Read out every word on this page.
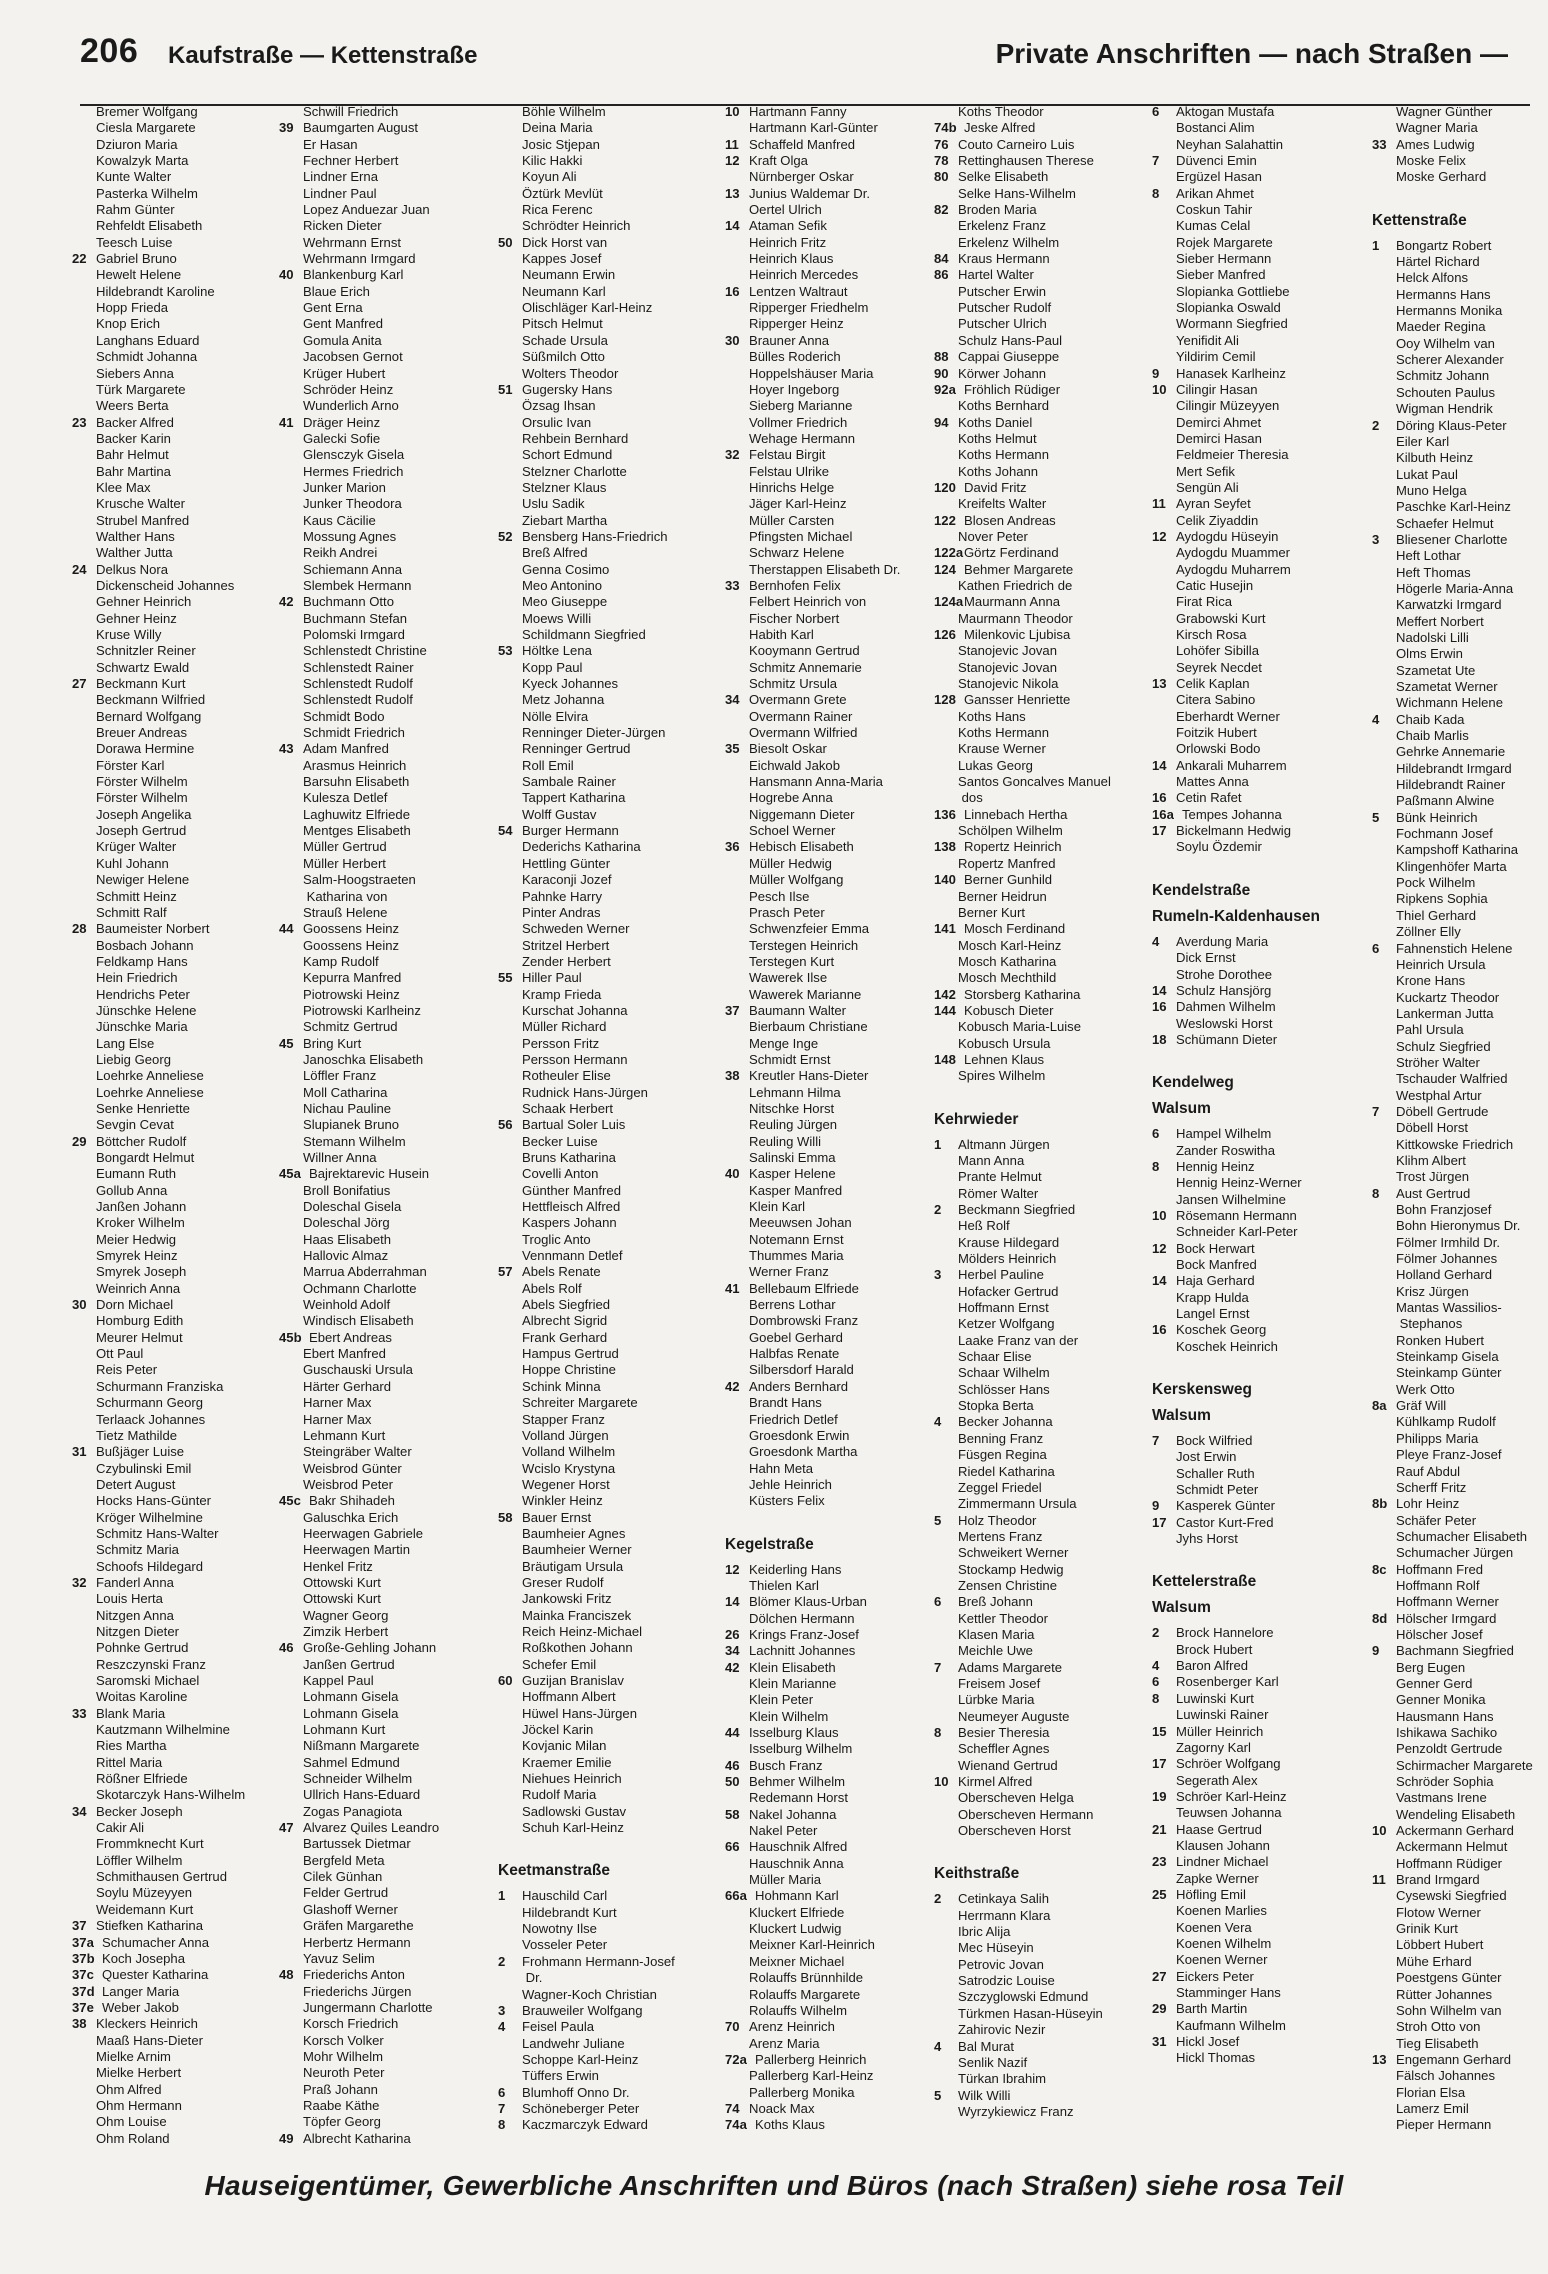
206 Kaufstraße — Kettenstraße	Private Anschriften — nach Straßen —
Bremer Wolfgang
Ciesla Margarete
Dziuron Maria
Kowalzyk Marta
Kunte Walter
Pasterka Wilhelm
Rahm Günter
Rehfeldt Elisabeth
Teesch Luise
22 Gabriel Bruno
Hewelt Helene
Hildebrandt Karoline
Hopp Frieda
Knop Erich
Langhans Eduard
Schmidt Johanna
Siebers Anna
Türk Margarete
Weers Berta
23 Backer Alfred
Backer Karin
Bahr Helmut
Bahr Martina
Klee Max
Krusche Walter
Strubel Manfred
Walther Hans
Walther Jutta
24 Delkus Nora
Dickenscheid Johannes
Gehner Heinrich
Gehner Heinz
Kruse Willy
Schnitzler Reiner
Schwartz Ewald
27 Beckmann Kurt
Beckmann Wilfried
Bernard Wolfgang
Breuer Andreas
Dorawa Hermine
Förster Karl
Förster Wilhelm
Förster Wilhelm
Joseph Angelika
Joseph Gertrud
Krüger Walter
Kuhl Johann
Newiger Helene
Schmitt Heinz
Schmitt Ralf
28 Baumeister Norbert
Bosbach Johann
Feldkamp Hans
Hein Friedrich
Hendrichs Peter
Jünschke Helene
Jünschke Maria
Lang Else
Liebig Georg
Loehrke Anneliese
Loehrke Anneliese
Senke Henriette
Sevgin Cevat
29 Böttcher Rudolf
Bongardt Helmut
Eumann Ruth
Gollub Anna
Janßen Johann
Kroker Wilhelm
Meier Hedwig
Smyrek Heinz
Smyrek Joseph
Weinrich Anna
30 Dorn Michael
Homburg Edith
Meurer Helmut
Ott Paul
Reis Peter
Schurmann Franziska
Schurmann Georg
Terlaack Johannes
Tietz Mathilde
31 Bußjäger Luise
Czybulinski Emil
Detert August
Hocks Hans-Günter
Kröger Wilhelmine
Schmitz Hans-Walter
Schmitz Maria
Schoofs Hildegard
32 Fanderl Anna
Louis Herta
Nitzgen Anna
Nitzgen Dieter
Pohnke Gertrud
Reszczynski Franz
Saromski Michael
Woitas Karoline
33 Blank Maria
Kautzmann Wilhelmine
Ries Martha
Rittel Maria
Rößner Elfriede
Skotarczyk Hans-Wilhelm
34 Becker Joseph
Cakir Ali
Frommknecht Kurt
Löffler Wilhelm
Schmithausen Gertrud
Soylu Müzeyyen
Weidemann Kurt
37 Stiefken Katharina
37a Schumacher Anna
37b Koch Josepha
37c Quester Katharina
37d Langer Maria
37e Weber Jakob
38 Kleckers Heinrich
Maaß Hans-Dieter
Mielke Arnim
Mielke Herbert
Ohm Alfred
Ohm Hermann
Ohm Louise
Ohm Roland
Schwill Friedrich
39 Baumgarten August
Er Hasan
Fechner Herbert
Lindner Erna
Lindner Paul
Lopez Anduezar Juan
Ricken Dieter
Wehrmann Ernst
Wehrmann Irmgard
40 Blankenburg Karl
Blaue Erich
Gent Erna
Gent Manfred
Gomula Anita
Jacobsen Gernot
Krüger Hubert
Schröder Heinz
Wunderlich Arno
41 Dräger Heinz
Galecki Sofie
Glensczyk Gisela
Hermes Friedrich
Junker Marion
Junker Theodora
Kaus Cäcilie
Mossung Agnes
Reikh Andrei
Schiemann Anna
Slembek Hermann
42 Buchmann Otto
Buchmann Stefan
Polomski Irmgard
Schlenstedt Christine
Schlenstedt Rainer
Schlenstedt Rudolf
Schlenstedt Rudolf
Schmidt Bodo
Schmidt Friedrich
43 Adam Manfred
Arasmus Heinrich
Barsuhn Elisabeth
Kulesza Detlef
Laghuwitz Elfriede
Mentges Elisabeth
Müller Gertrud
Müller Herbert
Salm-Hoogstraeten
Katharina von
Strauß Helene
44 Goossens Heinz
Goossens Heinz
Kamp Rudolf
Kepurra Manfred
Piotrowski Heinz
Piotrowski Karlheinz
Schmitz Gertrud
45 Bring Kurt
Janoschka Elisabeth
Löffler Franz
Moll Catharina
Nichau Pauline
Slupianek Bruno
Stemann Wilhelm
Willner Anna
45a Bajrektarevic Husein
Broll Bonifatius
Doleschal Gisela
Doleschal Jörg
Haas Elisabeth
Hallovic Almaz
Marrua Abderrahman
Ochmann Charlotte
Weinhold Adolf
Windisch Elisabeth
45b Ebert Andreas
Ebert Manfred
Guschauski Ursula
Härter Gerhard
Harner Max
Harner Max
Lehmann Kurt
Steingräber Walter
Weisbrod Günter
Weisbrod Peter
45c Bakr Shihadeh
Galuschka Erich
Heerwagen Gabriele
Heerwagen Martin
Henkel Fritz
Ottowski Kurt
Ottowski Kurt
Wagner Georg
Zimzik Herbert
46 Große-Gehling Johann
Janßen Gertrud
Kappel Paul
Lohmann Gisela
Lohmann Gisela
Lohmann Kurt
Nißmann Margarete
Sahmel Edmund
Schneider Wilhelm
Ullrich Hans-Eduard
Zogas Panagiota
47 Alvarez Quiles Leandro
Bartussek Dietmar
Bergfeld Meta
Cilek Günhan
Felder Gertrud
Glashoff Werner
Gräfen Margarethe
Herbertz Hermann
Yavuz Selim
48 Friederichs Anton
Friederichs Jürgen
Jungermann Charlotte
Korsch Friedrich
Korsch Volker
Mohr Wilhelm
Neuroth Peter
Praß Johann
Raabe Käthe
Töpfer Georg
49 Albrecht Katharina
Böhle Wilhelm
Deina Maria
Josic Stjepan
Kilic Hakki
Koyun Ali
Öztürk Mevlüt
Rica Ferenc
Schrödter Heinrich
50 Dick Horst van
Kappes Josef
Neumann Erwin
Neumann Karl
Olischläger Karl-Heinz
Pitsch Helmut
Schade Ursula
Süßmilch Otto
Wolters Theodor
51 Gugersky Hans
Özsag Ihsan
Orsulic Ivan
Rehbein Bernhard
Schort Edmund
Stelzner Charlotte
Stelzner Klaus
Uslu Sadik
Ziebart Martha
52 Bensberg Hans-Friedrich
Breß Alfred
Genna Cosimo
Meo Antonino
Meo Giuseppe
Moews Willi
Schildmann Siegfried
53 Höltke Lena
Kopp Paul
Kyeck Johannes
Metz Johanna
Nölle Elvira
Renninger Dieter-Jürgen
Renninger Gertrud
Roll Emil
Sambale Rainer
Tappert Katharina
Wolff Gustav
54 Burger Hermann
Dederichs Katharina
Hettling Günter
Karaconji Jozef
Pahnke Harry
Pinter Andras
Schweden Werner
Stritzel Herbert
Zender Herbert
55 Hiller Paul
Kramp Frieda
Kurschat Johanna
Müller Richard
Persson Fritz
Persson Hermann
Rotheuler Elise
Rudnick Hans-Jürgen
Schaak Herbert
56 Bartual Soler Luis
Becker Luise
Bruns Katharina
Covelli Anton
Günther Manfred
Hettfleisch Alfred
Kaspers Johann
Troglic Anto
Vennmann Detlef
57 Abels Renate
Abels Rolf
Abels Siegfried
Albrecht Sigrid
Frank Gerhard
Hampus Gertrud
Hoppe Christine
Schink Minna
Schreiter Margarete
Stapper Franz
Volland Jürgen
Volland Wilhelm
Wcislo Krystyna
Wegener Horst
Winkler Heinz
58 Bauer Ernst
Baumheier Agnes
Baumheier Werner
Bräutigam Ursula
Greser Rudolf
Jankowski Fritz
Mainka Franciszek
Reich Heinz-Michael
Roßkothen Johann
Schefer Emil
60 Guzijan Branislav
Hoffmann Albert
Hüwel Hans-Jürgen
Jöckel Karin
Kovjanic Milan
Kraemer Emilie
Niehues Heinrich
Rudolf Maria
Sadlowski Gustav
Schuh Karl-Heinz
Keetmanstraße
1 Hauschild Carl
Hildebrandt Kurt
Nowotny Ilse
Vosseler Peter
2 Frohmann Hermann-Josef
Dr.
Wagner-Koch Christian
3 Brauweiler Wolfgang
4 Feisel Paula
Landwehr Juliane
Schoppe Karl-Heinz
Tüffers Erwin
6 Blumhoff Onno Dr.
7 Schöneberger Peter
8 Kaczmarczyk Edward
10 Hartmann Fanny
Hartmann Karl-Günter
11 Schaffeld Manfred
12 Kraft Olga
Nürnberger Oskar
13 Junius Waldemar Dr.
Oertel Ulrich
14 Ataman Sefik
Heinrich Fritz
Heinrich Klaus
Heinrich Mercedes
16 Lentzen Waltraut
Ripperger Friedhelm
Ripperger Heinz
30 Brauner Anna
Bülles Roderich
Hoppelshäuser Maria
Hoyer Ingeborg
Sieberg Marianne
Vollmer Friedrich
Wehage Hermann
32 Felstau Birgit
Felstau Ulrike
Hinrichs Helge
Jäger Karl-Heinz
Müller Carsten
Pfingsten Michael
Schwarz Helene
Therstappen Elisabeth Dr.
33 Bernhofen Felix
Felbert Heinrich von
Fischer Norbert
Habith Karl
Kooymann Gertrud
Schmitz Annemarie
Schmitz Ursula
34 Overmann Grete
Overmann Rainer
Overmann Wilfried
35 Biesolt Oskar
Eichwald Jakob
Hansmann Anna-Maria
Hogrebe Anna
Niggemann Dieter
Schoel Werner
36 Hebisch Elisabeth
Müller Hedwig
Müller Wolfgang
Pesch Ilse
Prasch Peter
Schwenzfeier Emma
Terstegen Heinrich
Terstegen Kurt
Wawerek Ilse
Wawerek Marianne
37 Baumann Walter
Bierbaum Christiane
Menge Inge
Schmidt Ernst
38 Kreutler Hans-Dieter
Lehmann Hilma
Nitschke Horst
Reuling Jürgen
Reuling Willi
Salinski Emma
40 Kasper Helene
Kasper Manfred
Klein Karl
Meeuwsen Johan
Notemann Ernst
Thummes Maria
Werner Franz
41 Bellebaum Elfriede
Berrens Lothar
Dombrowski Franz
Goebel Gerhard
Halbfas Renate
Silbersdorf Harald
42 Anders Bernhard
Brandt Hans
Friedrich Detlef
Groesdonk Erwin
Groesdonk Martha
Hahn Meta
Jehle Heinrich
Küsters Felix
Kegelstraße
12 Keiderling Hans
Thielen Karl
14 Blömer Klaus-Urban
Dölchen Hermann
26 Krings Franz-Josef
34 Lachnitt Johannes
42 Klein Elisabeth
Klein Marianne
Klein Peter
Klein Wilhelm
44 Isselburg Klaus
Isselburg Wilhelm
46 Busch Franz
50 Behmer Wilhelm
Redemann Horst
58 Nakel Johanna
Nakel Peter
66 Hauschnik Alfred
Hauschnik Anna
Müller Maria
66a Hohmann Karl
Kluckert Elfriede
Kluckert Ludwig
Meixner Karl-Heinrich
Meixner Michael
Rolauffs Brünnhilde
Rolauffs Margarete
Rolauffs Wilhelm
70 Arenz Heinrich
Arenz Maria
72a Pallerberg Heinrich
Pallerberg Karl-Heinz
Pallerberg Monika
74 Noack Max
74a Koths Klaus
Koths Theodor
74b Jeske Alfred
76 Couto Carneiro Luis
78 Rettinghausen Therese
80 Selke Elisabeth
Selke Hans-Wilhelm
82 Broden Maria
Erkelenz Franz
Erkelenz Wilhelm
84 Kraus Hermann
86 Hartel Walter
Putscher Erwin
Putscher Rudolf
Putscher Ulrich
Schulz Hans-Paul
88 Cappai Giuseppe
90 Körwer Johann
92a Fröhlich Rüdiger
Koths Bernhard
94 Koths Daniel
Koths Helmut
Koths Hermann
Koths Johann
120 David Fritz
Kreifelts Walter
122 Blosen Andreas
Nover Peter
122aGörtz Ferdinand
124 Behmer Margarete
Kathen Friedrich de
124aMaurmann Anna
Maurmann Theodor
126 Milenkovic Ljubisa
Stanojevic Jovan
Stanojevic Jovan
Stanojevic Nikola
128 Gansser Henriette
Koths Hans
Koths Hermann
Krause Werner
Lukas Georg
Santos Goncalves Manuel
dos
136 Linnebach Hertha
Schölpen Wilhelm
138 Ropertz Heinrich
Ropertz Manfred
140 Berner Gunhild
Berner Heidrun
Berner Kurt
141 Mosch Ferdinand
Mosch Karl-Heinz
Mosch Katharina
Mosch Mechthild
142 Storsberg Katharina
144 Kobusch Dieter
Kobusch Maria-Luise
Kobusch Ursula
148 Lehnen Klaus
Spires Wilhelm
Kehrwieder
1 Altmann Jürgen
Mann Anna
Prante Helmut
Römer Walter
2 Beckmann Siegfried
Heß Rolf
Krause Hildegard
Mölders Heinrich
3 Herbel Pauline
Hofacker Gertrud
Hoffmann Ernst
Ketzer Wolfgang
Laake Franz van der
Schaar Elise
Schaar Wilhelm
Schlösser Hans
Stopka Berta
4 Becker Johanna
Benning Franz
Füsgen Regina
Riedel Katharina
Zeggel Friedel
Zimmermann Ursula
5 Holz Theodor
Mertens Franz
Schweikert Werner
Stockamp Hedwig
Zensen Christine
6 Breß Johann
Kettler Theodor
Klasen Maria
Meichle Uwe
7 Adams Margarete
Freisem Josef
Lürbke Maria
Neumeyer Auguste
8 Besier Theresia
Scheffler Agnes
Wienand Gertrud
10 Kirmel Alfred
Oberscheven Helga
Oberscheven Hermann
Oberscheven Horst
Keithstraße
2 Cetinkaya Salih
Herrmann Klara
Ibric Alija
Mec Hüseyin
Petrovic Jovan
Satrodzic Louise
Szczyglowski Edmund
Türkmen Hasan-Hüseyin
Zahirovic Nezir
4 Bal Murat
Senlik Nazif
Türkan Ibrahim
5 Wilk Willi
Wyrzykiewicz Franz
6 Aktogan Mustafa
Bostanci Alim
Neyhan Salahattin
7 Düvenci Emin
Ergüzel Hasan
8 Arikan Ahmet
Coskun Tahir
Kumas Celal
Rojek Margarete
Sieber Hermann
Sieber Manfred
Slopianka Gottliebe
Slopianka Oswald
Wormann Siegfried
Yenifidit Ali
Yildirim Cemil
9 Hanasek Karlheinz
10 Cilingir Hasan
Cilingir Müzeyyen
Demirci Ahmet
Demirci Hasan
Feldmeier Theresia
Mert Sefik
Sengün Ali
11 Ayran Seyfet
Celik Ziyaddin
12 Aydogdu Hüseyin
Aydogdu Muammer
Aydogdu Muharrem
Catic Husejin
Firat Rica
Grabowski Kurt
Kirsch Rosa
Lohöfer Sibilla
Seyrek Necdet
13 Celik Kaplan
Citera Sabino
Eberhardt Werner
Foitzik Hubert
Orlowski Bodo
14 Ankarali Muharrem
Mattes Anna
16 Cetin Rafet
16a Tempes Johanna
17 Bickelmann Hedwig
Soylu Özdemir
Kendelstraße
Rumeln-Kaldenhausen
4 Averdung Maria
Dick Ernst
Strohe Dorothee
14 Schulz Hansjörg
16 Dahmen Wilhelm
Weslowski Horst
18 Schümann Dieter
Kendelweg
Walsum
6 Hampel Wilhelm
Zander Roswitha
8 Hennig Heinz
Hennig Heinz-Werner
Jansen Wilhelmine
10 Rösemann Hermann
Schneider Karl-Peter
12 Bock Herwart
Bock Manfred
14 Haja Gerhard
Krapp Hulda
Langel Ernst
16 Koschek Georg
Koschek Heinrich
Kerskensweg
Walsum
7 Bock Wilfried
Jost Erwin
Schaller Ruth
Schmidt Peter
9 Kasperek Günter
17 Castor Kurt-Fred
Jyhs Horst
Kettelerstraße
Walsum
2 Brock Hannelore
Brock Hubert
4 Baron Alfred
6 Rosenberger Karl
8 Luwinski Kurt
Luwinski Rainer
15 Müller Heinrich
Zagorny Karl
17 Schröer Wolfgang
Segerath Alex
19 Schröer Karl-Heinz
Teuwsen Johanna
21 Haase Gertrud
Klausen Johann
23 Lindner Michael
Zapke Werner
25 Höfling Emil
Koenen Marlies
Koenen Vera
Koenen Wilhelm
Koenen Werner
27 Eickers Peter
Stamminger Hans
29 Barth Martin
Kaufmann Wilhelm
31 Hickl Josef
Hickl Thomas
Wagner Günther
Wagner Maria
33 Ames Ludwig
Moske Felix
Moske Gerhard
Kettenstraße
1 Bongartz Robert
Härtel Richard
Helck Alfons
Hermanns Hans
Hermanns Monika
Maeder Regina
Ooy Wilhelm van
Scherer Alexander
Schmitz Johann
Schouten Paulus
Wigman Hendrik
2 Döring Klaus-Peter
Eiler Karl
Kilbuth Heinz
Lukat Paul
Muno Helga
Paschke Karl-Heinz
Schaefer Helmut
3 Bliesener Charlotte
Heft Lothar
Heft Thomas
Högerle Maria-Anna
Karwatzki Irmgard
Meffert Norbert
Nadolski Lilli
Olms Erwin
Szametat Ute
Szametat Werner
Wichmann Helene
4 Chaib Kada
Chaib Marlis
Gehrke Annemarie
Hildebrandt Irmgard
Hildebrandt Rainer
Paßmann Alwine
5 Bünk Heinrich
Fochmann Josef
Kampshoff Katharina
Klingenhöfer Marta
Pock Wilhelm
Ripkens Sophia
Thiel Gerhard
Zöllner Elly
6 Fahnenstich Helene
Heinrich Ursula
Krone Hans
Kuckartz Theodor
Lankerman Jutta
Pahl Ursula
Schulz Siegfried
Ströher Walter
Tschauder Walfried
Westphal Artur
7 Döbell Gertrude
Döbell Horst
Kittkowske Friedrich
Klihm Albert
Trost Jürgen
8 Aust Gertrud
Bohn Franzjosef
Bohn Hieronymus Dr.
Fölmer Irmhild Dr.
Fölmer Johannes
Holland Gerhard
Krisz Jürgen
Mantas Wassilios-
Stephanos
Ronken Hubert
Steinkamp Gisela
Steinkamp Günter
Werk Otto
8a Gräf Will
Kühlkamp Rudolf
Philipps Maria
Pleye Franz-Josef
Rauf Abdul
Scherff Fritz
8b Lohr Heinz
Schäfer Peter
Schumacher Elisabeth
Schumacher Jürgen
8c Hoffmann Fred
Hoffmann Rolf
Hoffmann Werner
8d Hölscher Irmgard
Hölscher Josef
9 Bachmann Siegfried
Berg Eugen
Genner Gerd
Genner Monika
Hausmann Hans
Ishikawa Sachiko
Penzoldt Gertrude
Schirmacher Margarete
Schröder Sophia
Vastmans Irene
Wendeling Elisabeth
10 Ackermann Gerhard
Ackermann Helmut
Hoffmann Rüdiger
11 Brand Irmgard
Cysewski Siegfried
Flotow Werner
Grinik Kurt
Löbbert Hubert
Mühe Erhard
Poestgens Günter
Rütter Johannes
Sohn Wilhelm van
Stroh Otto von
Tieg Elisabeth
13 Engemann Gerhard
Fälsch Johannes
Florian Elsa
Lamerz Emil
Pieper Hermann
Hauseigentümer, Gewerbliche Anschriften und Büros (nach Straßen) siehe rosa Teil
